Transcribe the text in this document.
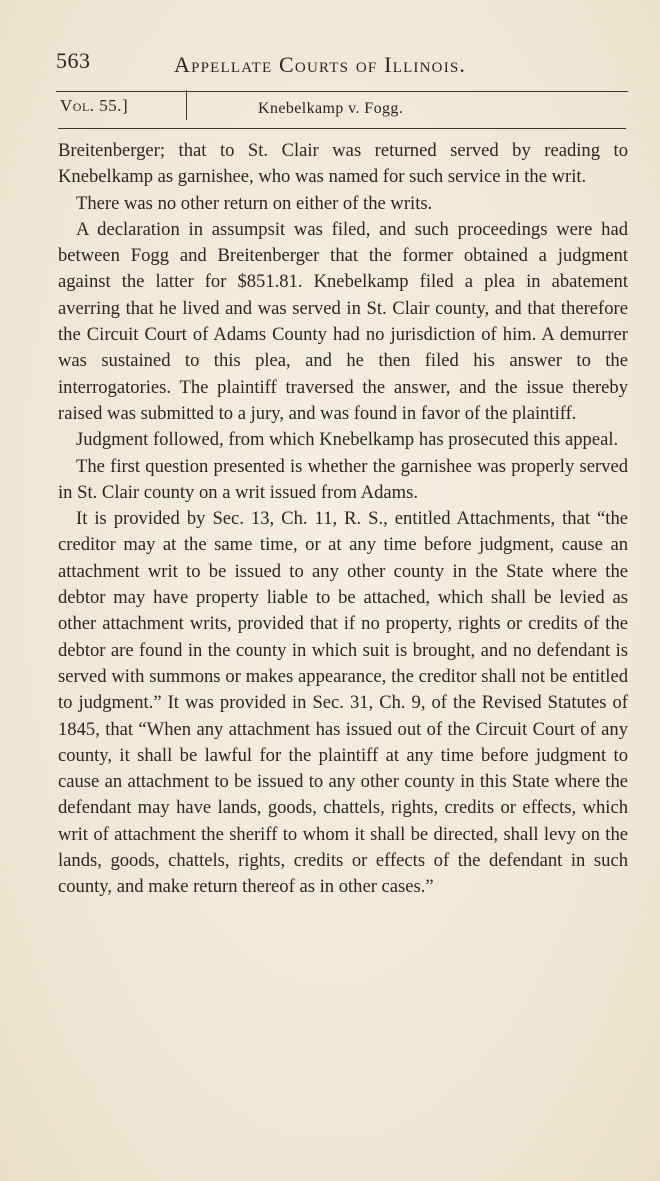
563	Appellate Courts of Illinois.
Vol. 55.]	Knebelkamp v. Fogg.

Breitenberger; that to St. Clair was returned served by reading to Knebelkamp as garnishee, who was named for such service in the writ.

There was no other return on either of the writs.

A declaration in assumpsit was filed, and such proceedings were had between Fogg and Breitenberger that the former obtained a judgment against the latter for $851.81. Knebelkamp filed a plea in abatement averring that he lived and was served in St. Clair county, and that therefore the Circuit Court of Adams County had no jurisdiction of him. A demurrer was sustained to this plea, and he then filed his answer to the interrogatories. The plaintiff traversed the answer, and the issue thereby raised was submitted to a jury, and was found in favor of the plaintiff.

Judgment followed, from which Knebelkamp has prosecuted this appeal.

The first question presented is whether the garnishee was properly served in St. Clair county on a writ issued from Adams.

It is provided by Sec. 13, Ch. 11, R. S., entitled Attachments, that “the creditor may at the same time, or at any time before judgment, cause an attachment writ to be issued to any other county in the State where the debtor may have property liable to be attached, which shall be levied as other attachment writs, provided that if no property, rights or credits of the debtor are found in the county in which suit is brought, and no defendant is served with summons or makes appearance, the creditor shall not be entitled to judgment.” It was provided in Sec. 31, Ch. 9, of the Revised Statutes of 1845, that “When any attachment has issued out of the Circuit Court of any county, it shall be lawful for the plaintiff at any time before judgment to cause an attachment to be issued to any other county in this State where the defendant may have lands, goods, chattels, rights, credits or effects, which writ of attachment the sheriff to whom it shall be directed, shall levy on the lands, goods, chattels, rights, credits or effects of the defendant in such county, and make return thereof as in other cases.”
